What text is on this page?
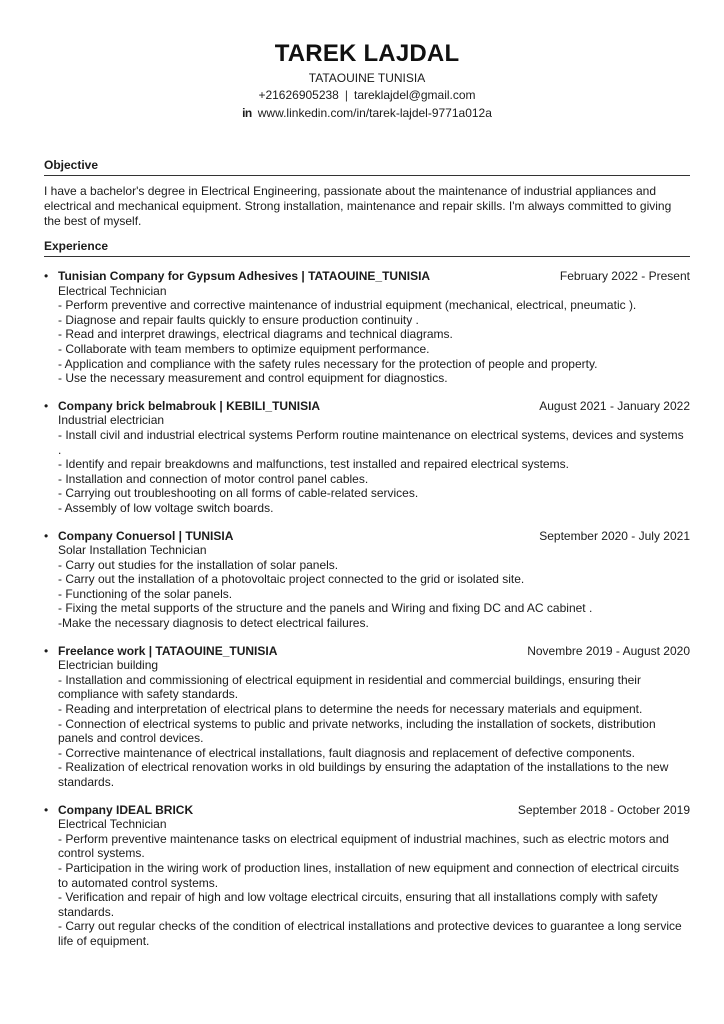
TAREK LAJDAL
TATAOUINE TUNISIA
+21626905238 | tareklajdel@gmail.com
in www.linkedin.com/in/tarek-lajdel-9771a012a
Objective

I have a bachelor's degree in Electrical Engineering, passionate about the maintenance of industrial appliances and electrical and mechanical equipment. Strong installation, maintenance and repair skills. I'm always committed to giving the best of myself.

Experience
• Tunisian Company for Gypsum Adhesives | TATAOUINE_TUNISIA	February 2022 - Present
Electrical Technician
- Perform preventive and corrective maintenance of industrial equipment (mechanical, electrical, pneumatic ).
- Diagnose and repair faults quickly to ensure production continuity .
- Read and interpret drawings, electrical diagrams and technical diagrams.
- Collaborate with team members to optimize equipment performance.
- Application and compliance with the safety rules necessary for the protection of people and property.
- Use the necessary measurement and control equipment for diagnostics.
• Company brick belmabrouk | KEBILI_TUNISIA	August 2021 - January 2022
Industrial electrician
- Install civil and industrial electrical systems Perform routine maintenance on electrical systems, devices and systems .
- Identify and repair breakdowns and malfunctions, test installed and repaired electrical systems.
- Installation and connection of motor control panel cables.
- Carrying out troubleshooting on all forms of cable-related services.
- Assembly of low voltage switch boards.
• Company Conuersol | TUNISIA	September 2020 - July 2021
Solar Installation Technician
- Carry out studies for the installation of solar panels.
- Carry out the installation of a photovoltaic project connected to the grid or isolated site.
- Functioning of the solar panels.
- Fixing the metal supports of the structure and the panels and Wiring and fixing DC and AC cabinet .
-Make the necessary diagnosis to detect electrical failures.
• Freelance work | TATAOUINE_TUNISIA	Novembre 2019 - August 2020
Electrician building
- Installation and commissioning of electrical equipment in residential and commercial buildings, ensuring their compliance with safety standards.
- Reading and interpretation of electrical plans to determine the needs for necessary materials and equipment.
- Connection of electrical systems to public and private networks, including the installation of sockets, distribution panels and control devices.
- Corrective maintenance of electrical installations, fault diagnosis and replacement of defective components.
- Realization of electrical renovation works in old buildings by ensuring the adaptation of the installations to the new standards.
• Company IDEAL BRICK	September 2018 - October 2019
Electrical Technician
- Perform preventive maintenance tasks on electrical equipment of industrial machines, such as electric motors and control systems.
- Participation in the wiring work of production lines, installation of new equipment and connection of electrical circuits to automated control systems.
- Verification and repair of high and low voltage electrical circuits, ensuring that all installations comply with safety standards.
- Carry out regular checks of the condition of electrical installations and protective devices to guarantee a long service life of equipment.
